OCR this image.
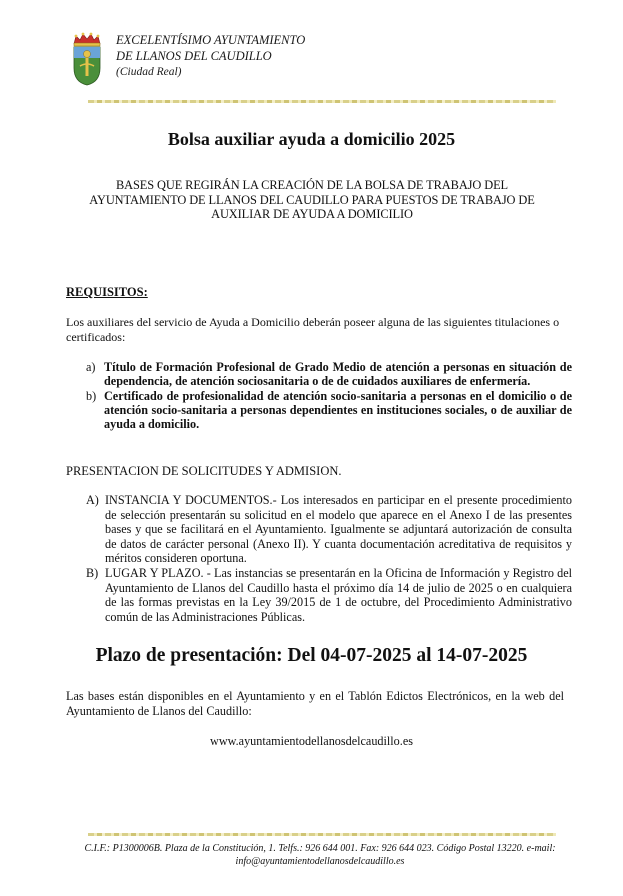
EXCELENTÍSIMO AYUNTAMIENTO
DE LLANOS DEL CAUDILLO
(Ciudad Real)
Bolsa auxiliar ayuda a domicilio 2025
BASES QUE REGIRÁN LA CREACIÓN DE LA BOLSA DE TRABAJO DEL AYUNTAMIENTO DE LLANOS DEL CAUDILLO PARA PUESTOS DE TRABAJO DE AUXILIAR DE AYUDA A DOMICILIO
REQUISITOS:
Los auxiliares del servicio de Ayuda a Domicilio deberán poseer alguna de las siguientes titulaciones o certificados:
a) Título de Formación Profesional de Grado Medio de atención a personas en situación de dependencia, de atención sociosanitaria o de de cuidados auxiliares de enfermería.
b) Certificado de profesionalidad de atención socio-sanitaria a personas en el domicilio o de atención socio-sanitaria a personas dependientes en instituciones sociales, o de auxiliar de ayuda a domicilio.
PRESENTACION DE SOLICITUDES Y ADMISION.
A) INSTANCIA Y DOCUMENTOS.- Los interesados en participar en el presente procedimiento de selección presentarán su solicitud en el modelo que aparece en el Anexo I de las presentes bases y que se facilitará en el Ayuntamiento. Igualmente se adjuntará autorización de consulta de datos de carácter personal (Anexo II). Y cuanta documentación acreditativa de requisitos y méritos consideren oportuna.
B) LUGAR Y PLAZO. - Las instancias se presentarán en la Oficina de Información y Registro del Ayuntamiento de Llanos del Caudillo hasta el próximo día 14 de julio de 2025 o en cualquiera de las formas previstas en la Ley 39/2015 de 1 de octubre, del Procedimiento Administrativo común de las Administraciones Públicas.
Plazo de presentación: Del 04-07-2025 al 14-07-2025
Las bases están disponibles en el Ayuntamiento y en el Tablón Edictos Electrónicos, en la web del Ayuntamiento de Llanos del Caudillo:
www.ayuntamientodellanosdelcaudillo.es
C.I.F.: P1300006B. Plaza de la Constitución, 1. Telfs.: 926 644 001. Fax: 926 644 023. Código Postal 13220. e-mail:
info@ayuntamientodellanosdelcaudillo.es
